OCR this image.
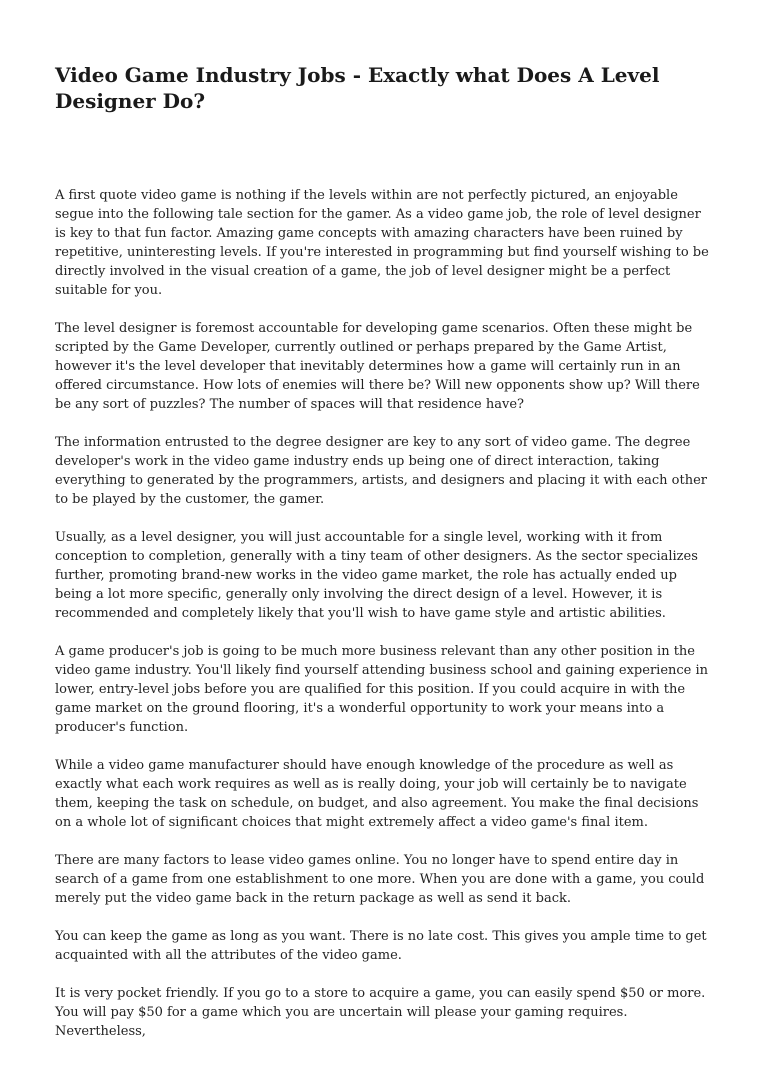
Video Game Industry Jobs - Exactly what Does A Level Designer Do?

A first quote video game is nothing if the levels within are not perfectly pictured, an enjoyable segue into the following tale section for the gamer. As a video game job, the role of level designer is key to that fun factor. Amazing game concepts with amazing characters have been ruined by repetitive, uninteresting levels. If you're interested in programming but find yourself wishing to be directly involved in the visual creation of a game, the job of level designer might be a perfect suitable for you.

The level designer is foremost accountable for developing game scenarios. Often these might be scripted by the Game Developer, currently outlined or perhaps prepared by the Game Artist, however it's the level developer that inevitably determines how a game will certainly run in an offered circumstance. How lots of enemies will there be? Will new opponents show up? Will there be any sort of puzzles? The number of spaces will that residence have?

The information entrusted to the degree designer are key to any sort of video game. The degree developer's work in the video game industry ends up being one of direct interaction, taking everything to generated by the programmers, artists, and designers and placing it with each other to be played by the customer, the gamer.

Usually, as a level designer, you will just accountable for a single level, working with it from conception to completion, generally with a tiny team of other designers. As the sector specializes further, promoting brand-new works in the video game market, the role has actually ended up being a lot more specific, generally only involving the direct design of a level. However, it is recommended and completely likely that you'll wish to have game style and artistic abilities.

A game producer's job is going to be much more business relevant than any other position in the video game industry. You'll likely find yourself attending business school and gaining experience in lower, entry-level jobs before you are qualified for this position. If you could acquire in with the game market on the ground flooring, it's a wonderful opportunity to work your means into a producer's function.

While a video game manufacturer should have enough knowledge of the procedure as well as exactly what each work requires as well as is really doing, your job will certainly be to navigate them, keeping the task on schedule, on budget, and also agreement. You make the final decisions on a whole lot of significant choices that might extremely affect a video game's final item.

There are many factors to lease video games online. You no longer have to spend entire day in search of a game from one establishment to one more. When you are done with a game, you could merely put the video game back in the return package as well as send it back.

You can keep the game as long as you want. There is no late cost. This gives you ample time to get acquainted with all the attributes of the video game.

It is very pocket friendly. If you go to a store to acquire a game, you can easily spend $50 or more. You will pay $50 for a game which you are uncertain will please your gaming requires. Nevertheless,
